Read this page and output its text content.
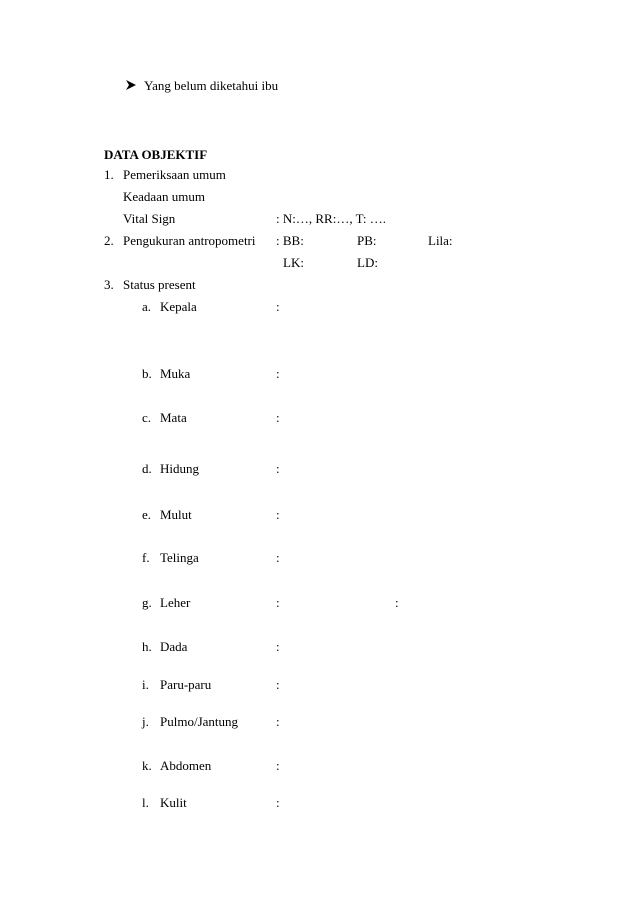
Yang belum diketahui ibu
DATA OBJEKTIF
1. Pemeriksaan umum
Keadaan umum
Vital Sign	: N:…, RR:…, T: ….
2. Pengukuran antropometri : BB:	PB:	Lila:
LK:	LD:
3. Status present
a. Kepala	:
b. Muka	:
c. Mata	:
d. Hidung	:
e. Mulut	:
f. Telinga	:
g. Leher	:	:
h. Dada	:
i. Paru-paru	:
j. Pulmo/Jantung	:
k. Abdomen	:
l. Kulit	:
